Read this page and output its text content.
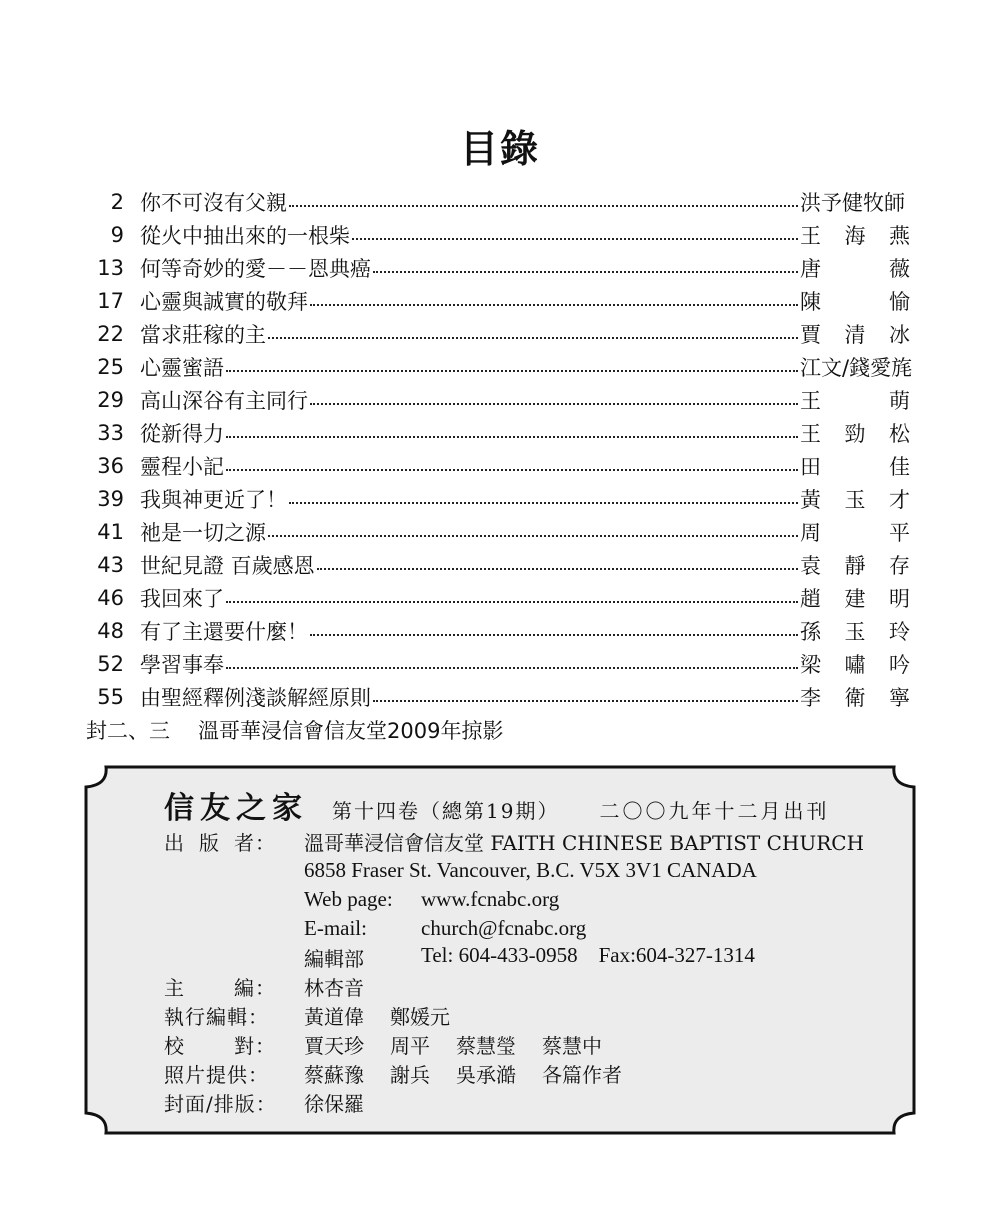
目錄
2 你不可沒有父親	洪予健牧師
9 從火中抽出來的一根柴	王 海 燕
13 何等奇妙的愛－－恩典癌	唐	薇
17 心靈與誠實的敬拜	陳	愉
22 當求莊稼的主	賈 清 冰
25 心靈蜜語	江文/錢愛旄
29 高山深谷有主同行	王	萌
33 從新得力	王 勁 松
36 靈程小記	田	佳
39 我與神更近了！	黃 玉 才
41 祂是一切之源	周	平
43 世紀見證 百歲感恩	袁 靜 存
46 我回來了	趙 建 明
48 有了主還要什麼！	孫 玉 玲
52 學習事奉	梁 嘯 吟
55 由聖經釋例淺談解經原則	李 衛 寧
封二、三 溫哥華浸信會信友堂2009年掠影
信友之家 第十四卷（總第19期） 二〇〇九年十二月出刊
出 版 者： 溫哥華浸信會信友堂 FAITH CHINESE BAPTIST CHURCH
6858 Fraser St. Vancouver, B.C. V5X 3V1 CANADA
Web page:	www.fcnabc.org
E-mail:	church@fcnabc.org
編輯部	Tel: 604-433-0958    Fax:604-327-1314
主 編： 林杏音
執行編輯：	黃道偉 鄭媛元
校 對： 賈天珍 周平 蔡慧瑩 蔡慧中
照片提供：	蔡蘇豫 謝兵 吳承澔 各篇作者
封面/排版：	徐保羅
